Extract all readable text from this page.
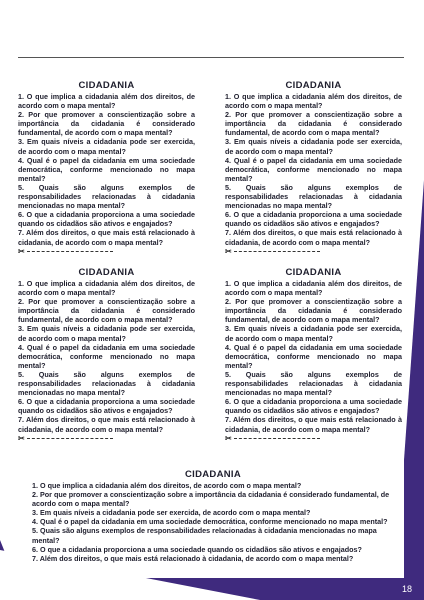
CIDADANIA

1. O que implica a cidadania além dos direitos, de acordo com o mapa mental?

2. Por que promover a conscientização sobre a importância da cidadania é considerado fundamental, de acordo com o mapa mental?

3. Em quais níveis a cidadania pode ser exercida, de acordo com o mapa mental?

4. Qual é o papel da cidadania em uma sociedade democrática, conforme mencionado no mapa mental?

5. Quais são alguns exemplos de responsabilidades relacionadas à cidadania mencionadas no mapa mental?

6. O que a cidadania proporciona a uma sociedade quando os cidadãos são ativos e engajados?

7. Além dos direitos, o que mais está relacionado à cidadania, de acordo com o mapa mental?

✂
CIDADANIA

1. O que implica a cidadania além dos direitos, de acordo com o mapa mental?

2. Por que promover a conscientização sobre a importância da cidadania é considerado fundamental, de acordo com o mapa mental?

3. Em quais níveis a cidadania pode ser exercida, de acordo com o mapa mental?

4. Qual é o papel da cidadania em uma sociedade democrática, conforme mencionado no mapa mental?

5. Quais são alguns exemplos de responsabilidades relacionadas à cidadania mencionadas no mapa mental?

6. O que a cidadania proporciona a uma sociedade quando os cidadãos são ativos e engajados?

7. Além dos direitos, o que mais está relacionado à cidadania, de acordo com o mapa mental?

✂
CIDADANIA

1. O que implica a cidadania além dos direitos, de acordo com o mapa mental?

2. Por que promover a conscientização sobre a importância da cidadania é considerado fundamental, de acordo com o mapa mental?

3. Em quais níveis a cidadania pode ser exercida, de acordo com o mapa mental?

4. Qual é o papel da cidadania em uma sociedade democrática, conforme mencionado no mapa mental?

5. Quais são alguns exemplos de responsabilidades relacionadas à cidadania mencionadas no mapa mental?

6. O que a cidadania proporciona a uma sociedade quando os cidadãos são ativos e engajados?

7. Além dos direitos, o que mais está relacionado à cidadania, de acordo com o mapa mental?

✂
CIDADANIA

1. O que implica a cidadania além dos direitos, de acordo com o mapa mental?

2. Por que promover a conscientização sobre a importância da cidadania é considerado fundamental, de acordo com o mapa mental?

3. Em quais níveis a cidadania pode ser exercida, de acordo com o mapa mental?

4. Qual é o papel da cidadania em uma sociedade democrática, conforme mencionado no mapa mental?

5. Quais são alguns exemplos de responsabilidades relacionadas à cidadania mencionadas no mapa mental?

6. O que a cidadania proporciona a uma sociedade quando os cidadãos são ativos e engajados?

7. Além dos direitos, o que mais está relacionado à cidadania, de acordo com o mapa mental?

✂
CIDADANIA

1. O que implica a cidadania além dos direitos, de acordo com o mapa mental?

2. Por que promover a conscientização sobre a importância da cidadania é considerado fundamental, de acordo com o mapa mental?

3. Em quais níveis a cidadania pode ser exercida, de acordo com o mapa mental?

4. Qual é o papel da cidadania em uma sociedade democrática, conforme mencionado no mapa mental?

5. Quais são alguns exemplos de responsabilidades relacionadas à cidadania mencionadas no mapa mental?

6. O que a cidadania proporciona a uma sociedade quando os cidadãos são ativos e engajados?

7. Além dos direitos, o que mais está relacionado à cidadania, de acordo com o mapa mental?

18
